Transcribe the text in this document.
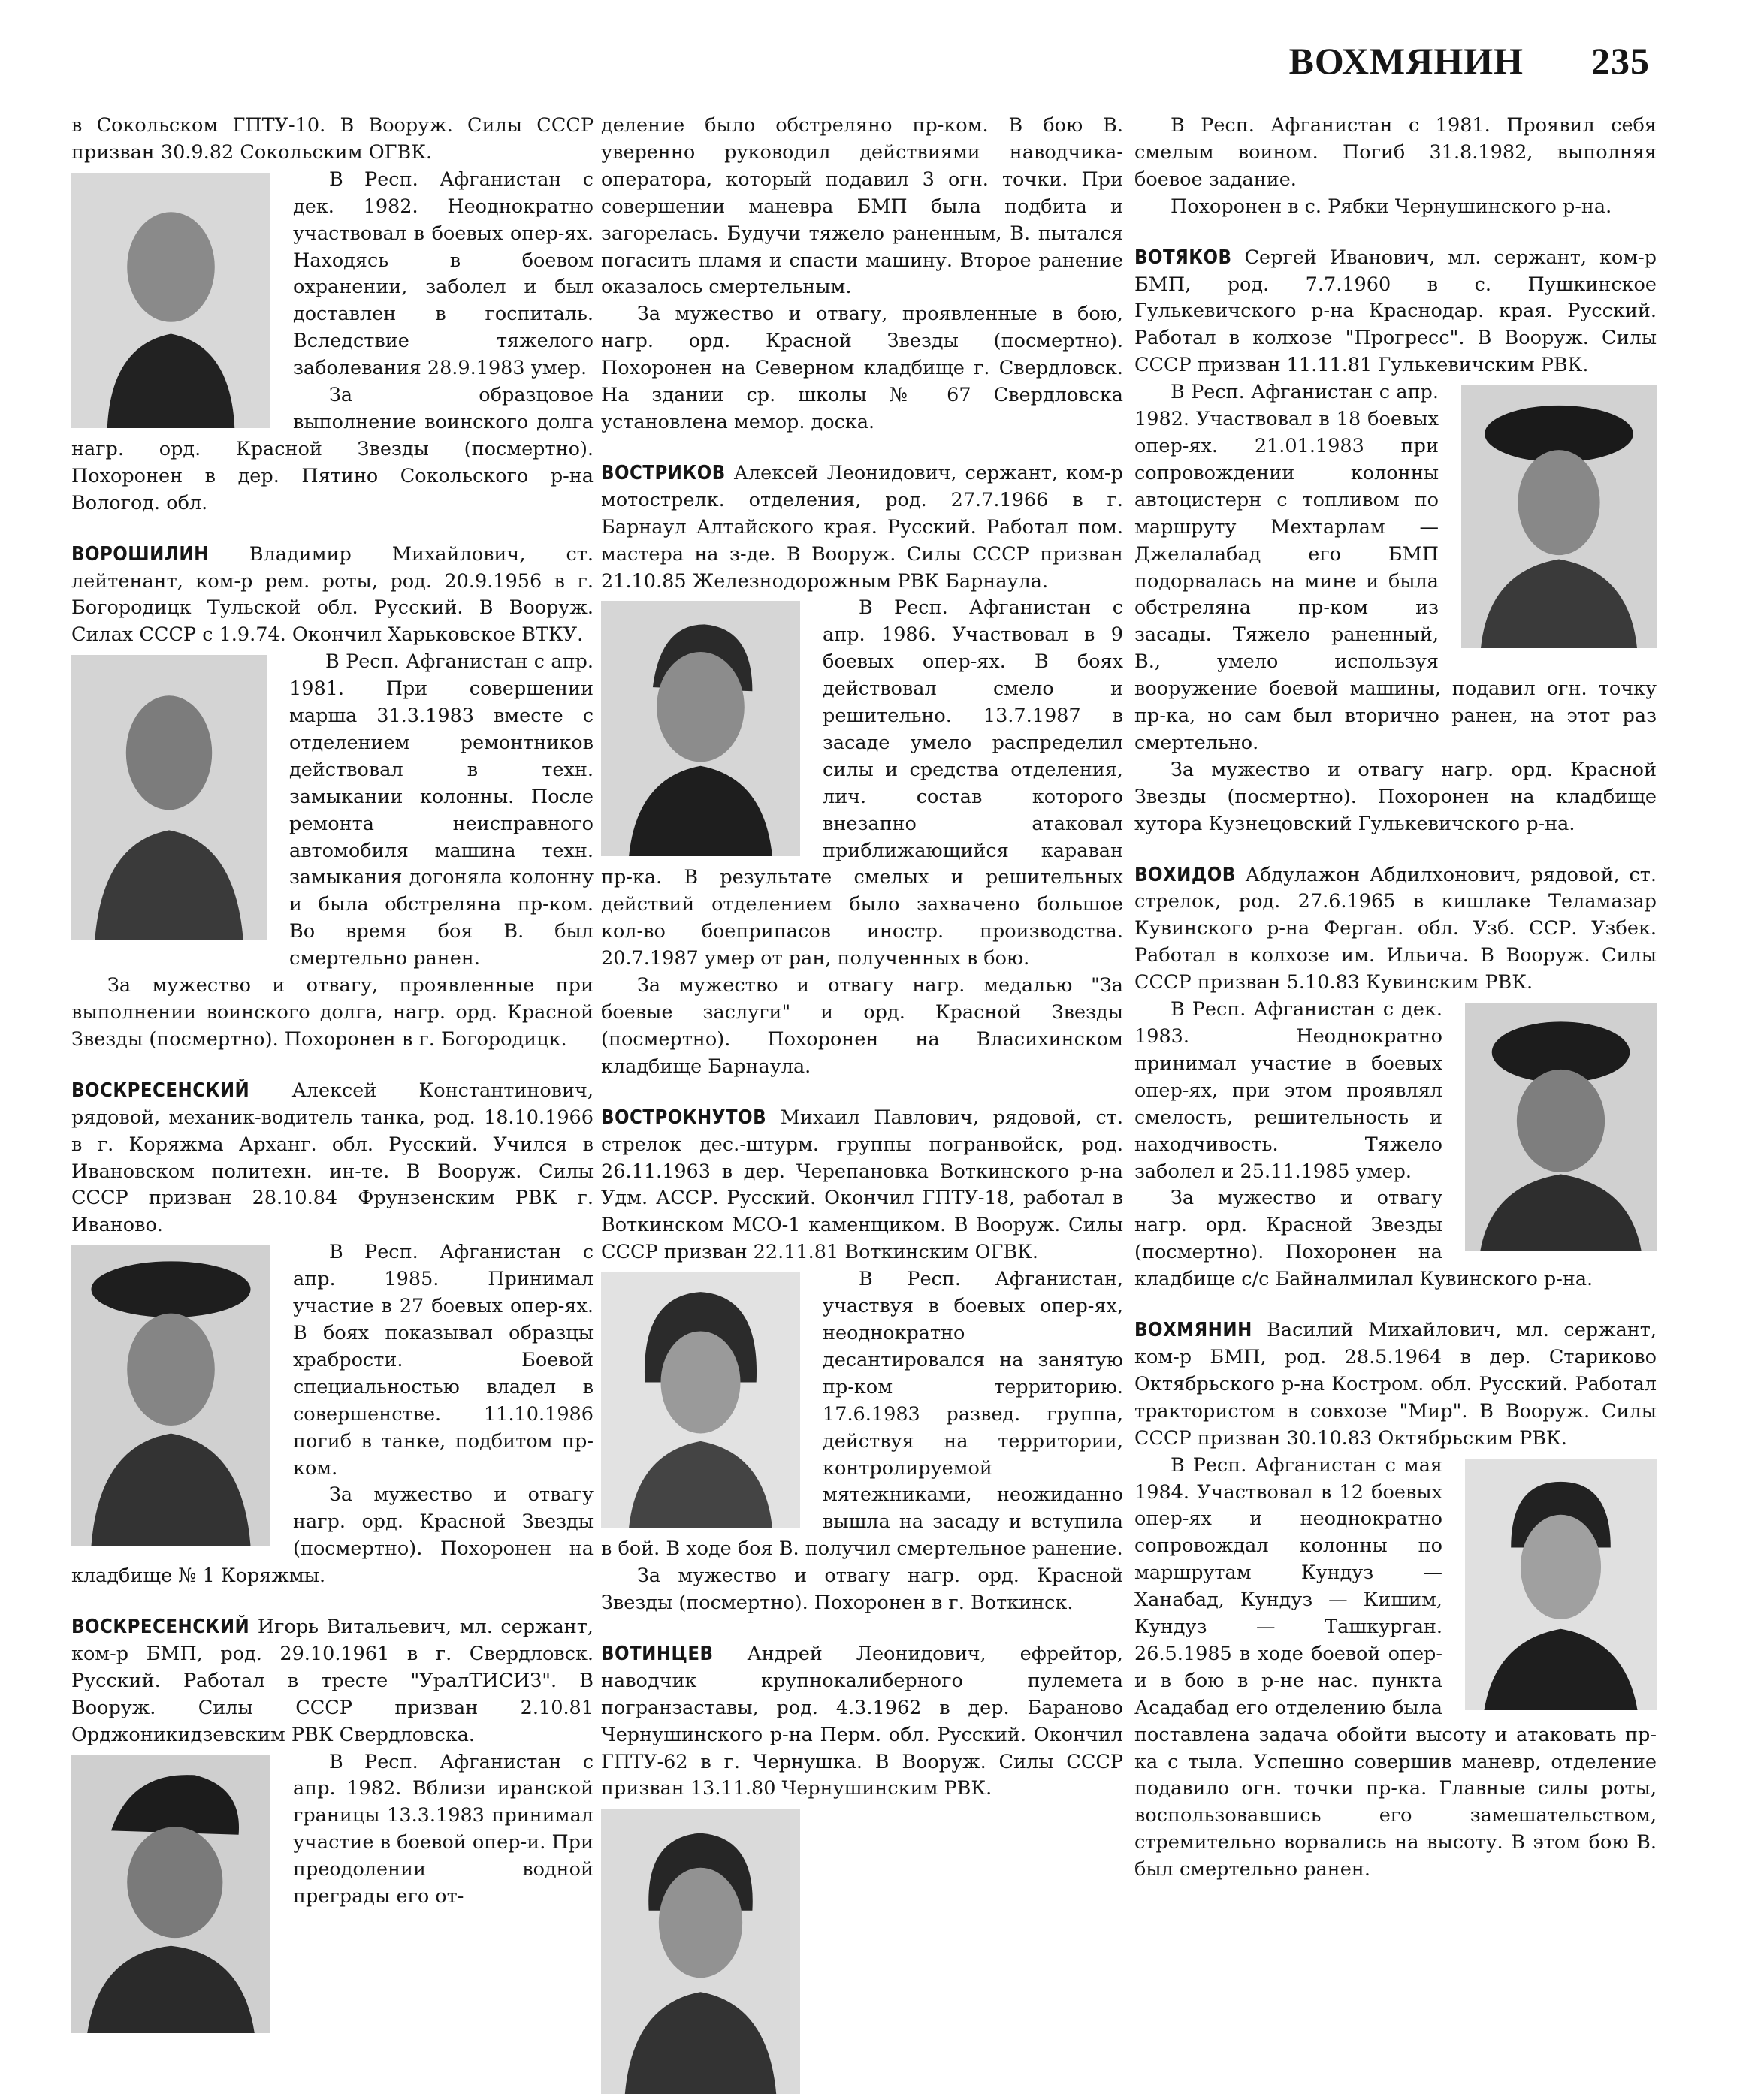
ВОХМЯНИН 235

в Сокольском ГПТУ-10. В Вооруж. Силы СССР призван 30.9.82 Сокольским ОГВК.

В Респ. Афганистан с дек. 1982. Неоднократно участвовал в боевых опер-ях. Находясь в боевом охранении, заболел и был доставлен в госпиталь. Вследствие тяжелого заболевания 28.9.1983 умер.

За образцовое выполнение воинского долга нагр. орд. Красной Звезды (посмертно). Похоронен в дер. Пятино Сокольского р-на Вологод. обл.

ВОРОШИЛИН Владимир Михайлович, ст. лейтенант, ком-р рем. роты, род. 20.9.1956 в г. Богородицк Тульской обл. Русский. В Вооруж. Силах СССР с 1.9.74. Окончил Харьковское ВТКУ.

В Респ. Афганистан с апр. 1981. При совершении марша 31.3.1983 вместе с отделением ремонтников действовал в техн. замыкании колонны. После ремонта неисправного автомобиля машина техн. замыкания догоняла колонну и была обстреляна пр-ком. Во время боя В. был смертельно ранен.

За мужество и отвагу, проявленные при выполнении воинского долга, нагр. орд. Красной Звезды (посмертно). Похоронен в г. Богородицк.

ВОСКРЕСЕНСКИЙ Алексей Константинович, рядовой, механик-водитель танка, род. 18.10.1966 в г. Коряжма Арханг. обл. Русский. Учился в Ивановском политехн. ин-те. В Вооруж. Силы СССР призван 28.10.84 Фрунзенским РВК г. Иваново.

В Респ. Афганистан с апр. 1985. Принимал участие в 27 боевых опер-ях. В боях показывал образцы храбрости. Боевой специальностью владел в совершенстве. 11.10.1986 погиб в танке, подбитом пр-ком.

За мужество и отвагу нагр. орд. Красной Звезды (посмертно). Похоронен на кладбище № 1 Коряжмы.

ВОСКРЕСЕНСКИЙ Игорь Витальевич, мл. сержант, ком-р БМП, род. 29.10.1961 в г. Свердловск. Русский. Работал в тресте "УралТИСИЗ". В Вооруж. Силы СССР призван 2.10.81 Орджоникидзевским РВК Свердловска.

В Респ. Афганистан с апр. 1982. Вблизи иранской границы 13.3.1983 принимал участие в боевой опер-и. При преодолении водной преграды его от-

деление было обстреляно пр-ком. В бою В. уверенно руководил действиями наводчика-оператора, который подавил 3 огн. точки. При совершении маневра БМП была подбита и загорелась. Будучи тяжело раненным, В. пытался погасить пламя и спасти машину. Второе ранение оказалось смертельным.

За мужество и отвагу, проявленные в бою, нагр. орд. Красной Звезды (посмертно). Похоронен на Северном кладбище г. Свердловск. На здании ср. школы № 67 Свердловска установлена мемор. доска.

ВОСТРИКОВ Алексей Леонидович, сержант, ком-р мотострелк. отделения, род. 27.7.1966 в г. Барнаул Алтайского края. Русский. Работал пом. мастера на з-де. В Вооруж. Силы СССР призван 21.10.85 Железнодорожным РВК Барнаула.

В Респ. Афганистан с апр. 1986. Участвовал в 9 боевых опер-ях. В боях действовал смело и решительно. 13.7.1987 в засаде умело распределил силы и средства отделения, лич. состав которого внезапно атаковал приближающийся караван пр-ка. В результате смелых и решительных действий отделением было захвачено большое кол-во боеприпасов иностр. производства. 20.7.1987 умер от ран, полученных в бою.

За мужество и отвагу нагр. медалью "За боевые заслуги" и орд. Красной Звезды (посмертно). Похоронен на Власихинском кладбище Барнаула.

ВОСТРОКНУТОВ Михаил Павлович, рядовой, ст. стрелок дес.-штурм. группы погранвойск, род. 26.11.1963 в дер. Черепановка Воткинского р-на Удм. АССР. Русский. Окончил ГПТУ-18, работал в Воткинском МСО-1 каменщиком. В Вооруж. Силы СССР призван 22.11.81 Воткинским ОГВК.

В Респ. Афганистан, участвуя в боевых опер-ях, неоднократно десантировался на занятую пр-ком территорию. 17.6.1983 развед. группа, действуя на территории, контролируемой мятежниками, неожиданно вышла на засаду и вступила в бой. В ходе боя В. получил смертельное ранение.

За мужество и отвагу нагр. орд. Красной Звезды (посмертно). Похоронен в г. Воткинск.

ВОТИНЦЕВ Андрей Леонидович, ефрейтор, наводчик крупнокалиберного пулемета погранзаставы, род. 4.3.1962 в дер. Бараново Чернушинского р-на Перм. обл. Русский. Окончил ГПТУ-62 в г. Чернушка. В Вооруж. Силы СССР призван 13.11.80 Чернушинским РВК.

В Респ. Афганистан с 1981. Проявил себя смелым воином. Погиб 31.8.1982, выполняя боевое задание.

Похоронен в с. Рябки Чернушинского р-на.

ВОТЯКОВ Сергей Иванович, мл. сержант, ком-р БМП, род. 7.7.1960 в с. Пушкинское Гулькевичского р-на Краснодар. края. Русский. Работал в колхозе "Прогресс". В Вооруж. Силы СССР призван 11.11.81 Гулькевичским РВК.

В Респ. Афганистан с апр. 1982. Участвовал в 18 боевых опер-ях. 21.01.1983 при сопровождении колонны автоцистерн с топливом по маршруту Мехтарлам — Джелалабад его БМП подорвалась на мине и была обстреляна пр-ком из засады. Тяжело раненный, В., умело используя вооружение боевой машины, подавил огн. точку пр-ка, но сам был вторично ранен, на этот раз смертельно.

За мужество и отвагу нагр. орд. Красной Звезды (посмертно). Похоронен на кладбище хутора Кузнецовский Гулькевичского р-на.

ВОХИДОВ Абдулажон Абдилхонович, рядовой, ст. стрелок, род. 27.6.1965 в кишлаке Теламазар Кувинского р-на Ферган. обл. Узб. ССР. Узбек. Работал в колхозе им. Ильича. В Вооруж. Силы СССР призван 5.10.83 Кувинским РВК.

В Респ. Афганистан с дек. 1983. Неоднократно принимал участие в боевых опер-ях, при этом проявлял смелость, решительность и находчивость. Тяжело заболел и 25.11.1985 умер.

За мужество и отвагу нагр. орд. Красной Звезды (посмертно). Похоронен на кладбище с/с Байналмилал Кувинского р-на.

ВОХМЯНИН Василий Михайлович, мл. сержант, ком-р БМП, род. 28.5.1964 в дер. Стариково Октябрьского р-на Костром. обл. Русский. Работал трактористом в совхозе "Мир". В Вооруж. Силы СССР призван 30.10.83 Октябрьским РВК.

В Респ. Афганистан с мая 1984. Участвовал в 12 боевых опер-ях и неоднократно сопровождал колонны по маршрутам Кундуз — Ханабад, Кундуз — Кишим, Кундуз — Ташкурган. 26.5.1985 в ходе боевой опер-и в бою в р-не нас. пункта Асадабад его отделению была поставлена задача обойти высоту и атаковать пр-ка с тыла. Успешно совершив маневр, отделение подавило огн. точки пр-ка. Главные силы роты, воспользовавшись его замешательством, стремительно ворвались на высоту. В этом бою В. был смертельно ранен.
